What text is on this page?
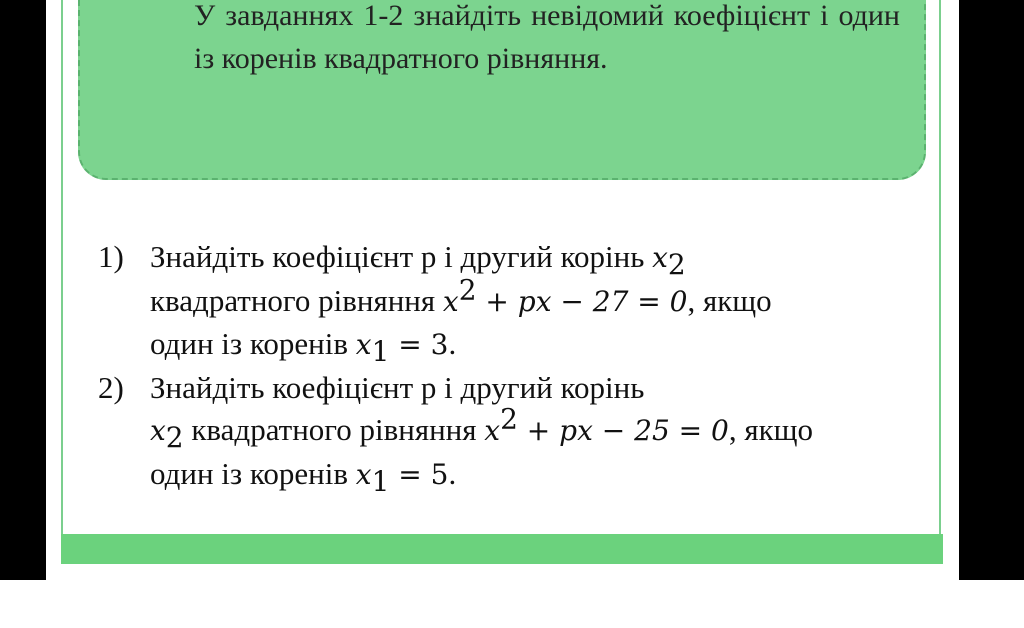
У завданнях 1-2 знайдіть невідомий коефіцієнт і один із коренів квадратного рівняння.
1) Знайдіть коефіцієнт p і другий корінь $x_2$
квадратного рівняння $x^2$ + px − 27 = 0, якщо
один із коренів $x_1 = 3$.
2) Знайдіть коефіцієнт p і другий корінь
$x_2$ квадратного рівняння $x^2$ + px − 25 = 0, якщо
один із коренів $x_1 = 5$.
